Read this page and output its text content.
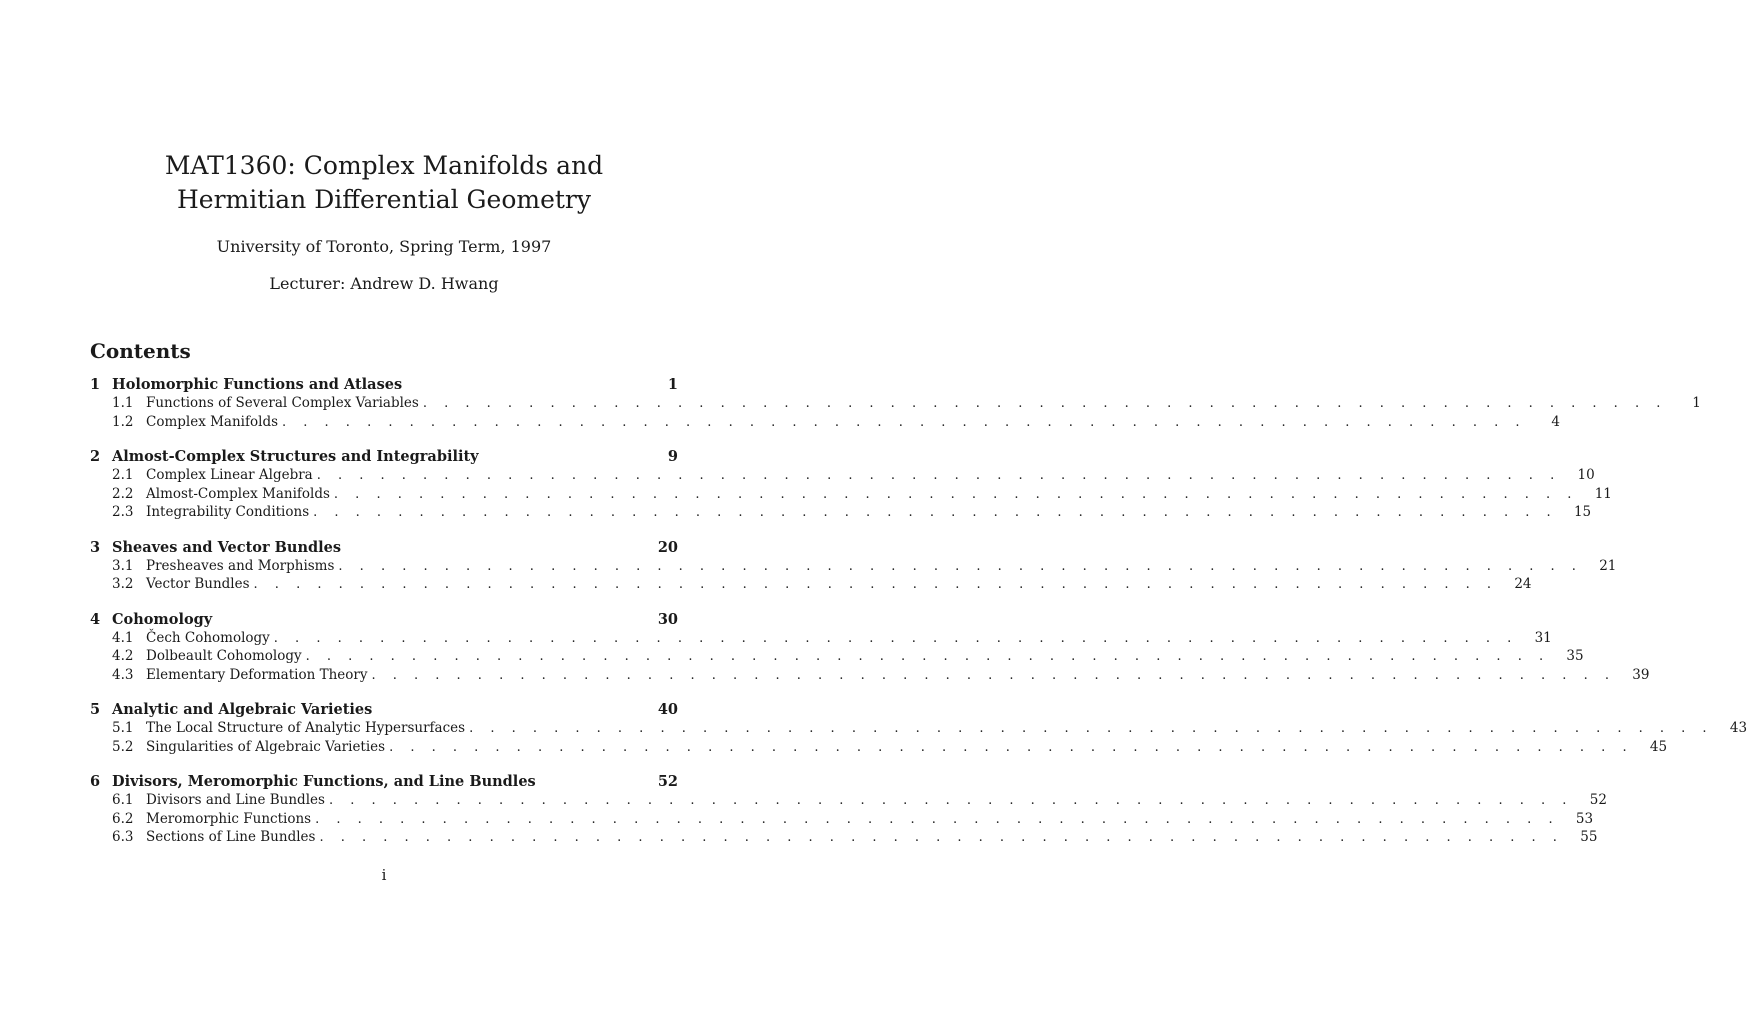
MAT1360: Complex Manifolds and
Hermitian Differential Geometry
University of Toronto, Spring Term, 1997
Lecturer: Andrew D. Hwang
Contents
1 Holomorphic Functions and Atlases	1
1.1 Functions of Several Complex Variables . . . . . . . . . . . . . . . . . . . . . . . . . . . . . . . . . . . . . . . . . . . . . . . . . . . . . . . . . . .	1
1.2 Complex Manifolds . . . . . . . . . . . . . . . . . . . . . . . . . . . . . . . . . . . . . . . . . . . . . . . . . . . . . . . . . . .	4
2 Almost-Complex Structures and Integrability	9
2.1 Complex Linear Algebra . . . . . . . . . . . . . . . . . . . . . . . . . . . . . . . . . . . . . . . . . . . . . . . . . . . . . . . . . . .	10
2.2 Almost-Complex Manifolds . . . . . . . . . . . . . . . . . . . . . . . . . . . . . . . . . . . . . . . . . . . . . . . . . . . . . . . . . . .	11
2.3 Integrability Conditions . . . . . . . . . . . . . . . . . . . . . . . . . . . . . . . . . . . . . . . . . . . . . . . . . . . . . . . . . . .	15
3 Sheaves and Vector Bundles	20
3.1 Presheaves and Morphisms . . . . . . . . . . . . . . . . . . . . . . . . . . . . . . . . . . . . . . . . . . . . . . . . . . . . . . . . . . .	21
3.2 Vector Bundles . . . . . . . . . . . . . . . . . . . . . . . . . . . . . . . . . . . . . . . . . . . . . . . . . . . . . . . . . . .	24
4 Cohomology	30
4.1 Čech Cohomology . . . . . . . . . . . . . . . . . . . . . . . . . . . . . . . . . . . . . . . . . . . . . . . . . . . . . . . . . . .	31
4.2 Dolbeault Cohomology . . . . . . . . . . . . . . . . . . . . . . . . . . . . . . . . . . . . . . . . . . . . . . . . . . . . . . . . . . .	35
4.3 Elementary Deformation Theory . . . . . . . . . . . . . . . . . . . . . . . . . . . . . . . . . . . . . . . . . . . . . . . . . . . . . . . . . . .	39
5 Analytic and Algebraic Varieties	40
5.1 The Local Structure of Analytic Hypersurfaces . . . . . . . . . . . . . . . . . . . . . . . . . . . . . . . . . . . . . . . . . . . . . . . . . . . . . . . . . . .	43
5.2 Singularities of Algebraic Varieties . . . . . . . . . . . . . . . . . . . . . . . . . . . . . . . . . . . . . . . . . . . . . . . . . . . . . . . . . . .	45
6 Divisors, Meromorphic Functions, and Line Bundles	52
6.1 Divisors and Line Bundles . . . . . . . . . . . . . . . . . . . . . . . . . . . . . . . . . . . . . . . . . . . . . . . . . . . . . . . . . . .	52
6.2 Meromorphic Functions . . . . . . . . . . . . . . . . . . . . . . . . . . . . . . . . . . . . . . . . . . . . . . . . . . . . . . . . . . .	53
6.3 Sections of Line Bundles . . . . . . . . . . . . . . . . . . . . . . . . . . . . . . . . . . . . . . . . . . . . . . . . . . . . . . . . . . .	55
i
